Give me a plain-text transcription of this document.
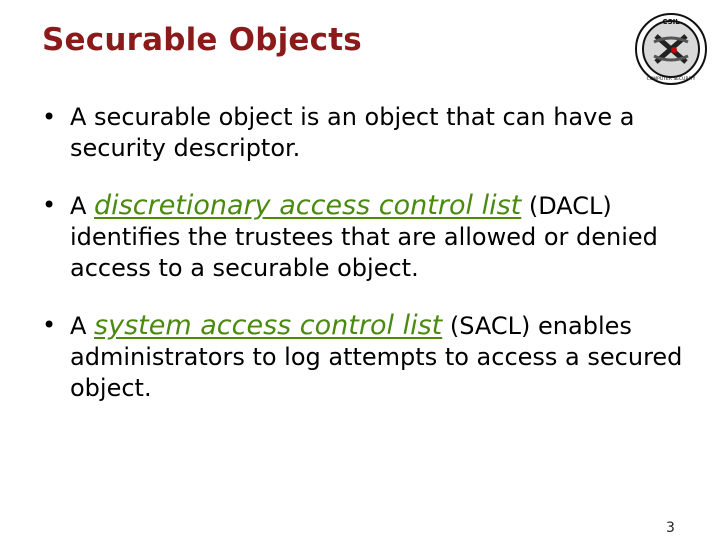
Securable Objects	CSIL
COMPUTER SECURITY
• A securable object is an object that can have a security descriptor.
• A discretionary access control list (DACL) identifies the trustees that are allowed or denied access to a securable object.
• A system access control list (SACL) enables administrators to log attempts to access a secured object.
3
